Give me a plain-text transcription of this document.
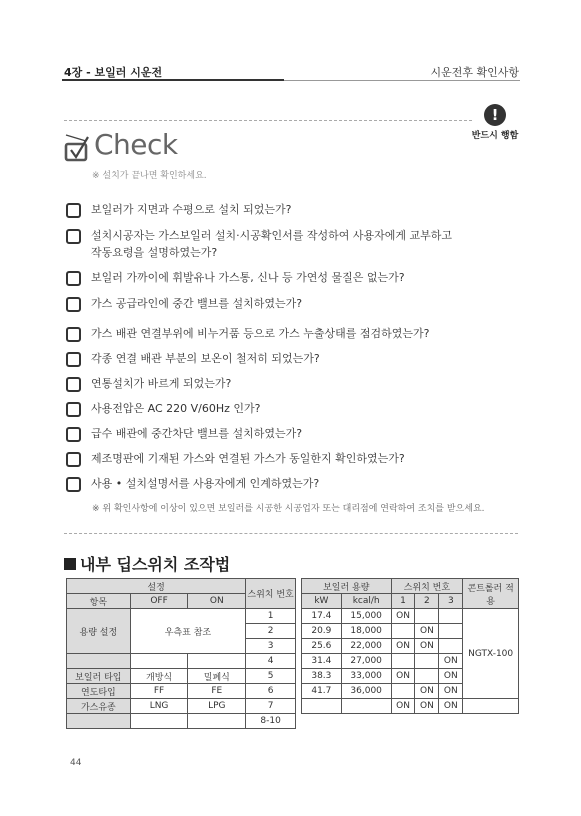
4장 - 보일러 시운전	시운전후 확인사항
!
반드시 행함
Check
※ 설치가 끝나면 확인하세요.
보일러가 지면과 수평으로 설치 되었는가?
설치시공자는 가스보일러 설치·시공확인서를 작성하여 사용자에게 교부하고
작동요령을 설명하였는가?
보일러 가까이에 휘발유나 가스통, 신나 등 가연성 물질은 없는가?
가스 공급라인에 중간 밸브를 설치하였는가?
가스 배관 연결부위에 비누거품 등으로 가스 누출상태를 점검하였는가?
각종 연결 배관 부분의 보온이 철저히 되었는가?
연통설치가 바르게 되었는가?
사용전압은 AC 220 V/60Hz 인가?
급수 배관에 중간차단 밸브를 설치하였는가?
제조명판에 기재된 가스와 연결된 가스가 동일한지 확인하였는가?
사용 • 설치설명서를 사용자에게 인계하였는가?
※ 위 확인사항에 이상이 있으면 보일러를 시공한 시공업자 또는 대리점에 연락하여 조치를 받으세요.
내부 딥스위치 조작법
설정			스위치 번호
항목	OFF	ON	
용량 설정	우측표 참조		1
			2
			3
			4
보일러 타입	개방식	밀폐식	5
연도타입	FF	FE	6
가스유종	LNG	LPG	7
			8-10
보일러 용량		스위치 번호			콘트롤러 적용
kW	kcal/h	1	2	3	
17.4	15,000	ON			NGTX-100
20.9	18,000		ON		
25.6	22,000	ON	ON		
31.4	27,000			ON	
38.3	33,000	ON		ON	
41.7	36,000		ON	ON	
		ON	ON	ON	
44
